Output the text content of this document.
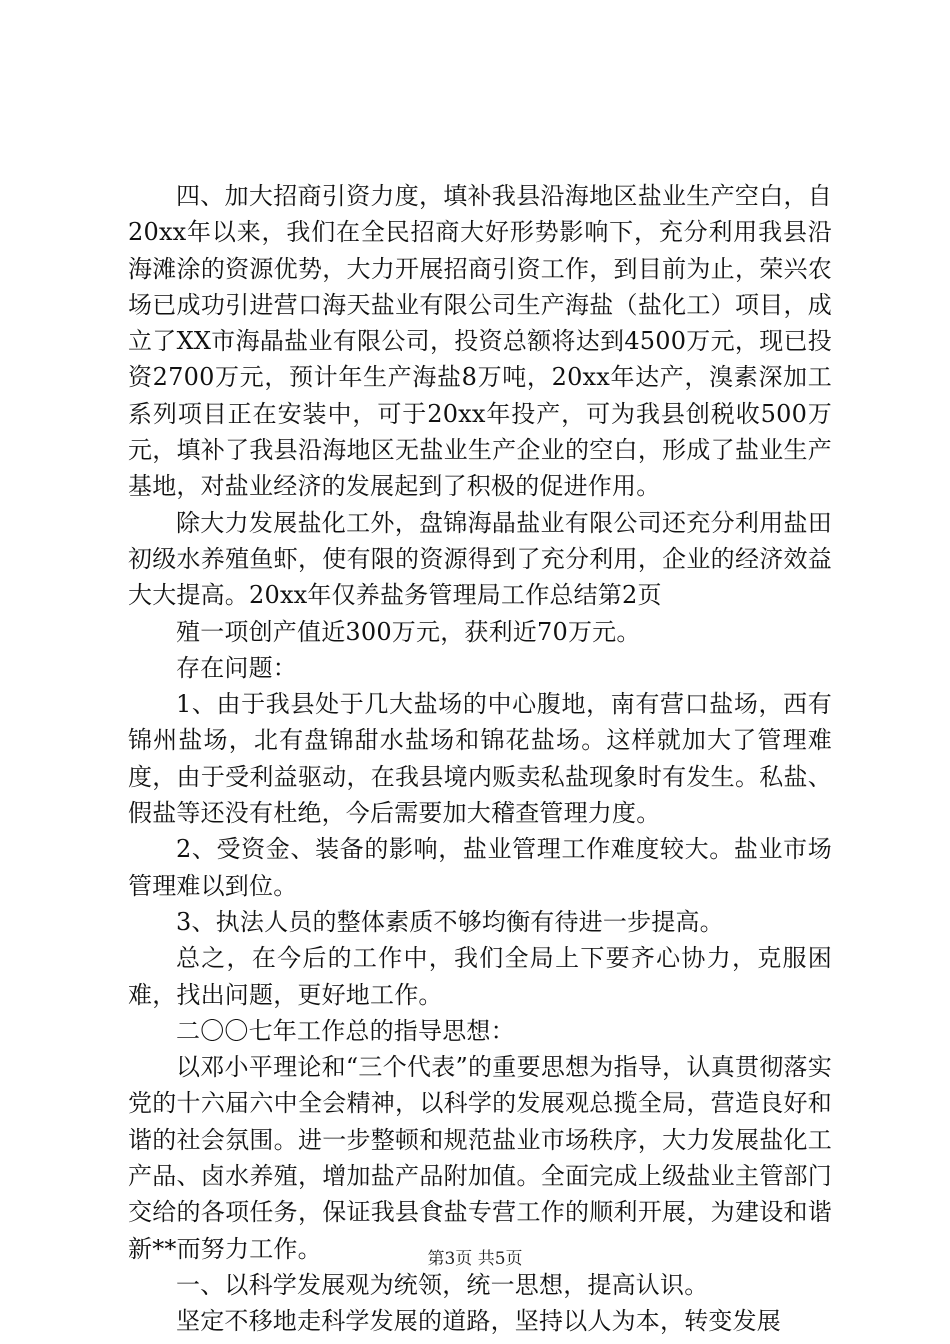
四、加大招商引资力度，填补我县沿海地区盐业生产空白，自20xx年以来，我们在全民招商大好形势影响下，充分利用我县沿海滩涂的资源优势，大力开展招商引资工作，到目前为止，荣兴农场已成功引进营口海天盐业有限公司生产海盐（盐化工）项目，成立了XX市海晶盐业有限公司，投资总额将达到4500万元，现已投资2700万元，预计年生产海盐8万吨，20xx年达产，溴素深加工系列项目正在安装中，可于20xx年投产，可为我县创税收500万元，填补了我县沿海地区无盐业生产企业的空白，形成了盐业生产基地，对盐业经济的发展起到了积极的促进作用。

除大力发展盐化工外，盘锦海晶盐业有限公司还充分利用盐田初级水养殖鱼虾，使有限的资源得到了充分利用，企业的经济效益大大提高。20xx年仅养盐务管理局工作总结第2页

殖一项创产值近300万元，获利近70万元。

存在问题：

1、由于我县处于几大盐场的中心腹地，南有营口盐场，西有锦州盐场，北有盘锦甜水盐场和锦花盐场。这样就加大了管理难度，由于受利益驱动，在我县境内贩卖私盐现象时有发生。私盐、假盐等还没有杜绝，今后需要加大稽查管理力度。

2、受资金、装备的影响，盐业管理工作难度较大。盐业市场管理难以到位。

3、执法人员的整体素质不够均衡有待进一步提高。

总之，在今后的工作中，我们全局上下要齐心协力，克服困难，找出问题，更好地工作。

二〇〇七年工作总的指导思想：

以邓小平理论和“三个代表”的重要思想为指导，认真贯彻落实党的十六届六中全会精神，以科学的发展观总揽全局，营造良好和谐的社会氛围。进一步整顿和规范盐业市场秩序，大力发展盐化工产品、卤水养殖，增加盐产品附加值。全面完成上级盐业主管部门交给的各项任务，保证我县食盐专营工作的顺利开展，为建设和谐新**而努力工作。

一、以科学发展观为统领，统一思想，提高认识。

坚定不移地走科学发展的道路，坚持以人为本，转变发展

第3页 共5页
